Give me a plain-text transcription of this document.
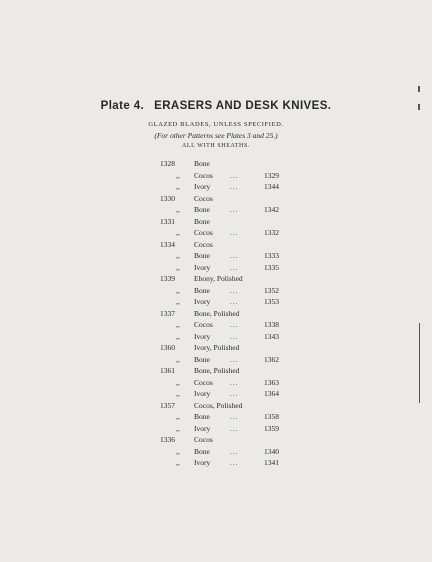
Plate 4. ERASERS AND DESK KNIVES.
GLAZED BLADES, UNLESS SPECIFIED.
(For other Patterns see Plates 3 and 25.)
ALL WITH SHEATHS.
1328	Bone
,, Cocos ...	1329
,, Ivory	...	1344
1330	Cocos
,, Bone	...	1342
1331	Bone
,, Cocos ...	1332
1334	Cocos
,, Bone	...	1333
,, Ivory	...	1335
1339	Ebony, Polished
,, Bone	...	1352
,, Ivory	...	1353
1337	Bone, Polished
,, Cocos ...	1338
,, Ivory	...	1343
1360	Ivory, Polished
,, Bone	...	1362
1361	Bone, Polished
,, Cocos ...	1363
,, Ivory	...	1364
1357	Cocos, Polished
,, Bone	...	1358
,, Ivory	...	1359
1336	Cocos
,, Bone	...	1340
,, Ivory	...	1341
